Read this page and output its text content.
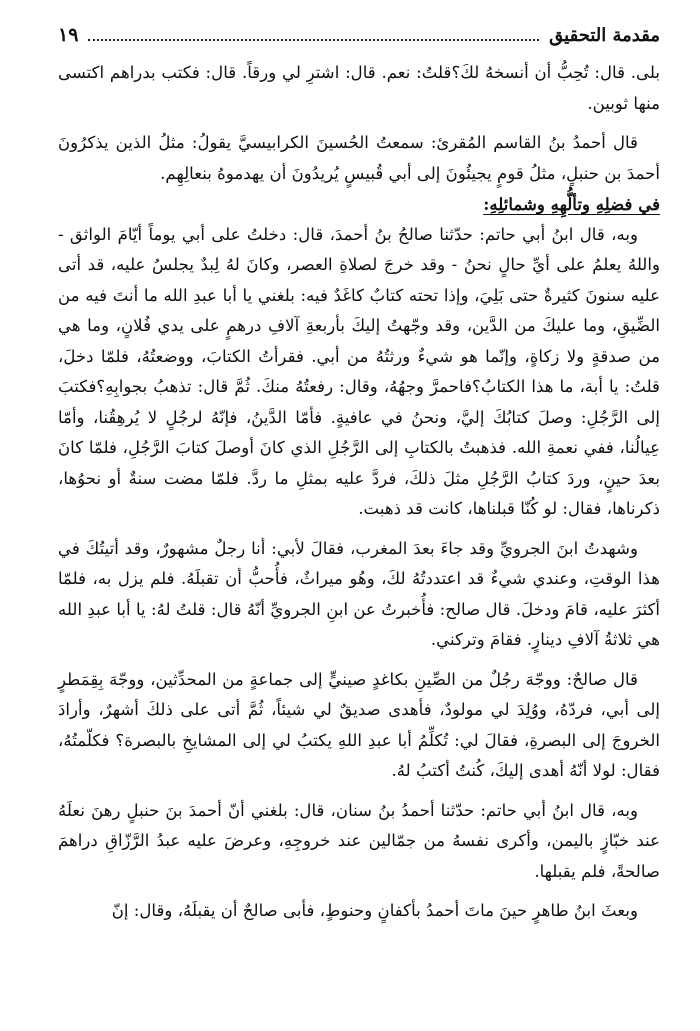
مقدمة التحقيق
١٩

بلى. قال: تُحِبُّ أن أنسخهُ لكَ؟قلتُ: نعم. قال: اشترِ لي ورقاً. قال: فكتب بدراهم اكتسى منها ثوبين.

قال أحمدُ بنُ القاسم المُقرئ: سمعتُ الحُسينَ الكرابيسيَّ يقولُ: مثلُ الذين يذكرُونَ أحمدَ بن حنبلٍ، مثلُ قومٍ يجيئُونَ إلى أبي قُبيسٍ يُريدُونَ أن يهدموهُ بنعالِهِم.

في فضلِهِ وتألُّهِهِ وشمائلِهِ:

وبه، قال ابنُ أبي حاتم: حدّثنا صالحُ بنُ أحمدَ، قال: دخلتُ على أبي يوماً أيّامَ الواثق - واللهُ يعلمُ على أيِّ حالٍ نحنُ - وقد خرجَ لصلاةِ العصر، وكانَ لهُ لِبدٌ يجلسُ عليه، قد أتى عليه سنونَ كثيرةٌ حتى بَلِيَ، وإذا تحته كتابٌ كاغَدٌ فيه: بلغني يا أبا عبدِ الله ما أنتَ فيه من الضِّيقِ، وما عليكَ من الدَّين، وقد وجّهتُ إليكَ بأربعةِ آلافِ درهمٍ على يدي فُلانٍ، وما هي من صدقةٍ ولا زكاةٍ، وإنّما هو شيءٌ ورثتُهُ من أبي. فقرأتُ الكتابَ، ووضعتُهُ، فلمّا دخلَ، قلتُ: يا أبة، ما هذا الكتابُ؟فاحمرَّ وجهُهُ، وقال: رفعتُهُ منكَ. ثُمَّ قال: تذهبُ بجوابِهِ؟فكتبَ إلى الرَّجُلِ: وصلَ كتابُكَ إليَّ، ونحنُ في عافيةٍ. فأمّا الدَّينُ، فإنّهُ لرجُلٍ لا يُرهِقُنا، وأمّا عِيالُنا، ففي نعمةِ الله. فذهبتُ بالكتابِ إلى الرَّجُلِ الذي كانَ أوصلَ كتابَ الرَّجُلِ، فلمّا كانَ بعدَ حينٍ، وردَ كتابُ الرَّجُلِ مثلَ ذلكَ، فردَّ عليه بمثلِ ما ردَّ. فلمّا مضت سنةٌ أو نحوُها، ذكرناها، فقال: لو كُنّا قبلناها، كانت قد ذهبت.

وشهدتُ ابنَ الجرويِّ وقد جاءَ بعدَ المغرب، فقالَ لأبي: أنا رجلٌ مشهورٌ، وقد أتيتُكَ في هذا الوقتِ، وعندي شيءٌ قد اعتددتُهُ لكَ، وهُو ميراثٌ، فأُحبُّ أن تقبلَهُ. فلم يزل به، فلمّا أكثرَ عليه، قامَ ودخلَ. قال صالح: فأُخبرتُ عن ابنِ الجرويِّ أنّهُ قال: قلتُ لهُ: يا أبا عبدِ الله هي ثلاثةُ آلافِ دينارٍ. فقامَ وتركني.

قال صالحٌ: ووجّهَ رجُلٌ من الصِّينِ بكاغدٍ صينيٍّ إلى جماعةٍ من المحدِّثين، ووجّهَ بِقِمَطرٍ إلى أبي، فردّهُ، ووُلِدَ لي مولودٌ، فأهدى صديقٌ لي شيئاً، ثُمَّ أتى على ذلكَ أشهرٌ، وأرادَ الخروجَ إلى البصرةِ، فقالَ لي: تُكلِّمُ أبا عبدِ اللهِ يكتبُ لي إلى المشايخِ بالبصرة؟ فكلّمتُهُ، فقال: لولا أنّهُ أهدى إليكَ، كُنتُ أكتبُ لهُ.

وبه، قال ابنُ أبي حاتم: حدّثنا أحمدُ بنُ سنان، قال: بلغني أنّ أحمدَ بنَ حنبلٍ رهنَ نعلَهُ عند خبّازٍ باليمن، وأكرى نفسهُ من جمّالين عند خروجِهِ، وعرضَ عليه عبدُ الرَّزّاقِ دراهمَ صالحةً، فلم يقبلها.

وبعثَ ابنُ طاهرٍ حينَ ماتَ أحمدُ بأكفانٍ وحنوطٍ، فأبى صالحٌ أن يقبلَهُ، وقال: إنّ
